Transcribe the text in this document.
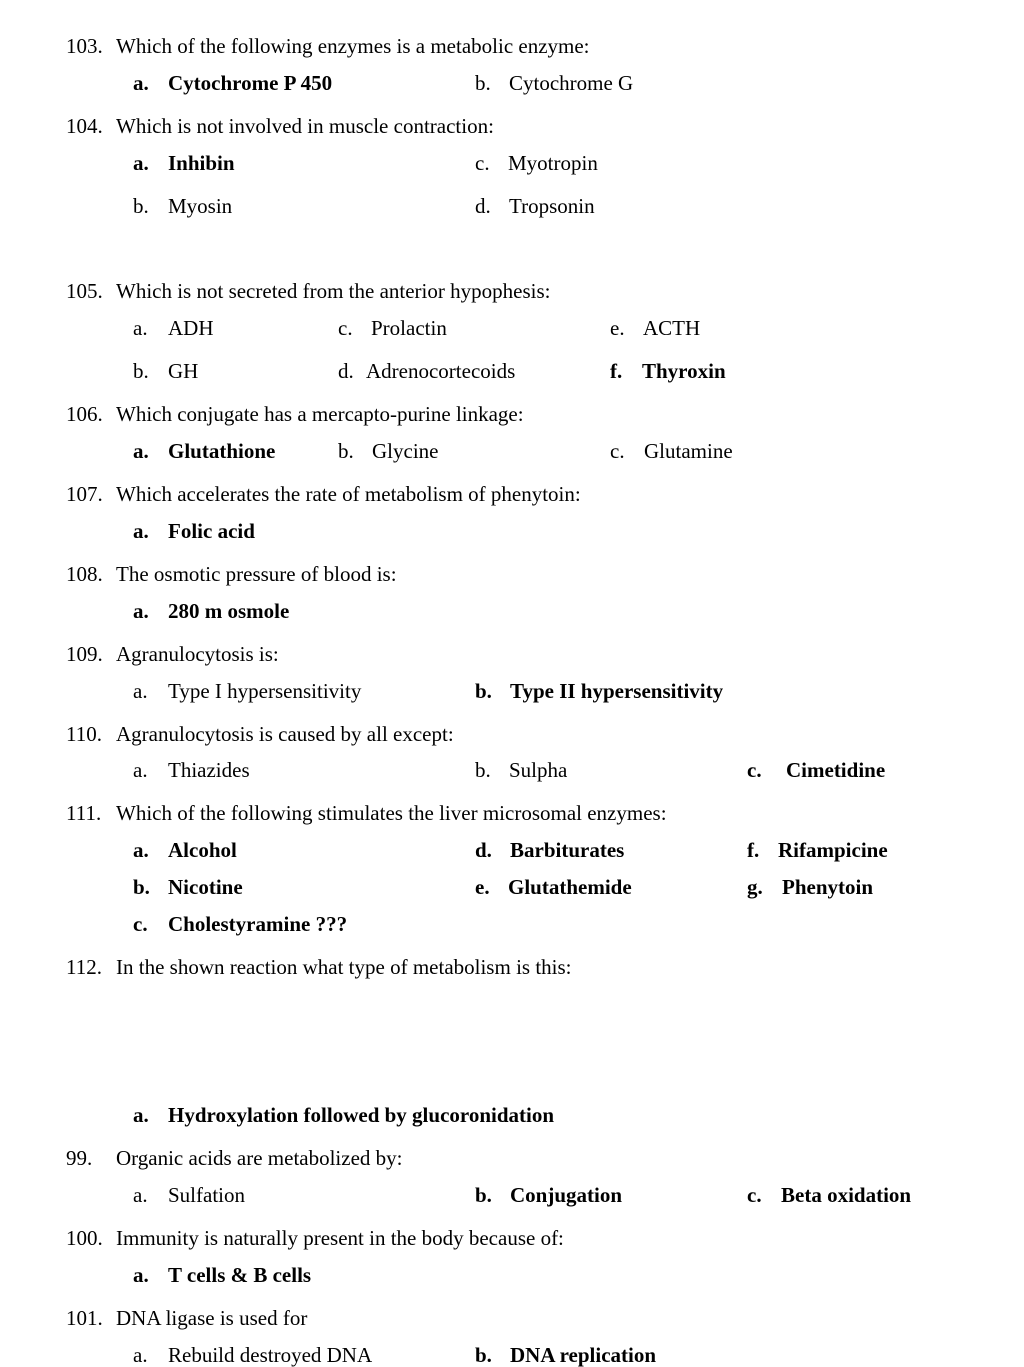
103. Which of the following enzymes is a metabolic enzyme:
a. Cytochrome P 450	b. Cytochrome G
104. Which is not involved in muscle contraction:
a. Inhibin	c. Myotropin
b. Myosin	d. Tropsonin
105. Which is not secreted from the anterior hypophesis:
a. ADH	c. Prolactin	e. ACTH
b. GH	d. Adrenocortecoids	f. Thyroxin
106. Which conjugate has a mercapto-purine linkage:
a. Glutathione	b. Glycine	c. Glutamine
107. Which accelerates the rate of metabolism of phenytoin:
a. Folic acid
108. The osmotic pressure of blood is:
a. 280 m osmole
109. Agranulocytosis is:
a. Type I hypersensitivity	b. Type II hypersensitivity
110. Agranulocytosis is caused by all except:
a. Thiazides	b. Sulpha	c. Cimetidine
111. Which of the following stimulates the liver microsomal enzymes:
a. Alcohol	d. Barbiturates	f. Rifampicine
b. Nicotine	e. Glutathemide	g. Phenytoin
c. Cholestyramine ???
112. In the shown reaction what type of metabolism is this:
a. Hydroxylation followed by glucoronidation
99. Organic acids are metabolized by:
a. Sulfation	b. Conjugation	c. Beta oxidation
100. Immunity is naturally present in the body because of:
a. T cells & B cells
101. DNA ligase is used for
a. Rebuild destroyed DNA	b. DNA replication
